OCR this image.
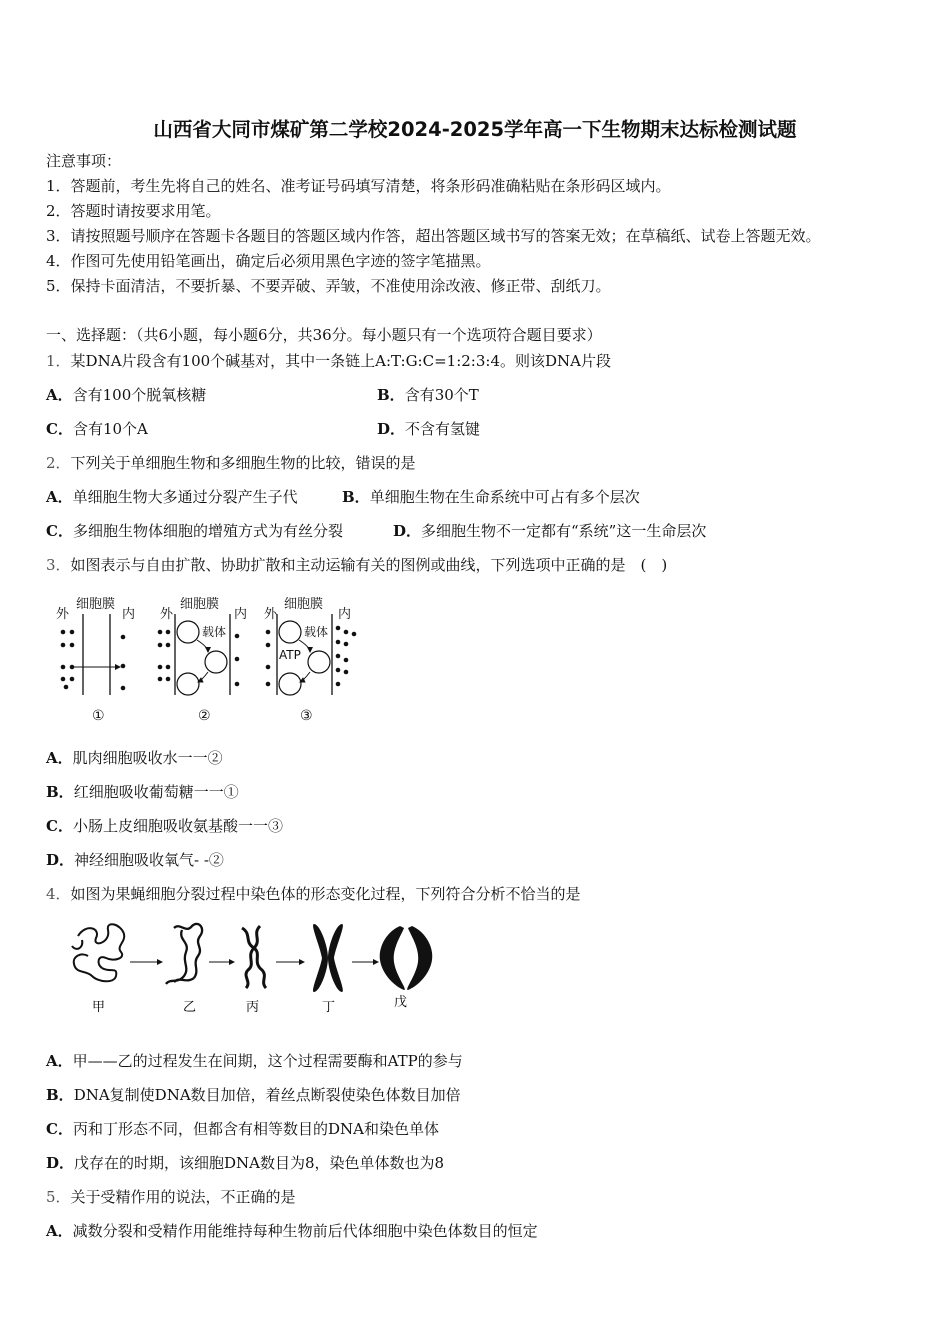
山西省大同市煤矿第二学校2024-2025学年高一下生物期末达标检测试题
注意事项：
1．答题前，考生先将自己的姓名、准考证号码填写清楚，将条形码准确粘贴在条形码区域内。
2．答题时请按要求用笔。
3．请按照题号顺序在答题卡各题目的答题区域内作答，超出答题区域书写的答案无效；在草稿纸、试卷上答题无效。
4．作图可先使用铅笔画出，确定后必须用黑色字迹的签字笔描黑。
5．保持卡面清洁，不要折暴、不要弄破、弄皱，不准使用涂改液、修正带、刮纸刀。
一、选择题：（共6小题，每小题6分，共36分。每小题只有一个选项符合题目要求）
1．某DNA片段含有100个碱基对，其中一条链上A:T:G:C=1:2:3:4。则该DNA片段
A．含有100个脱氧核糖	B．含有30个T
C．含有10个A	D．不含有氢键
2．下列关于单细胞生物和多细胞生物的比较，错误的是
A．单细胞生物大多通过分裂产生子代	B．单细胞生物在生命系统中可占有多个层次
C．多细胞生物体细胞的增殖方式为有丝分裂	D．多细胞生物不一定都有“系统”这一生命层次
3．如图表示与自由扩散、协助扩散和主动运输有关的图例或曲线，下列选项中正确的是　(　)
细胞膜
外	内
①
细胞膜
外	内
载体
②
细胞膜
外	内
载体
ATP
③
A．肌肉细胞吸收水一一②
B．红细胞吸收葡萄糖一一①
C．小肠上皮细胞吸收氨基酸一一③
D．神经细胞吸收氧气- -②
4．如图为果蝇细胞分裂过程中染色体的形态变化过程，下列符合分析不恰当的是
甲	乙	丙	丁	戊
A．甲——乙的过程发生在间期，这个过程需要酶和ATP的参与
B．DNA复制使DNA数目加倍，着丝点断裂使染色体数目加倍
C．丙和丁形态不同，但都含有相等数目的DNA和染色单体
D．戊存在的时期，该细胞DNA数目为8，染色单体数也为8
5．关于受精作用的说法，不正确的是
A．减数分裂和受精作用能维持每种生物前后代体细胞中染色体数目的恒定
